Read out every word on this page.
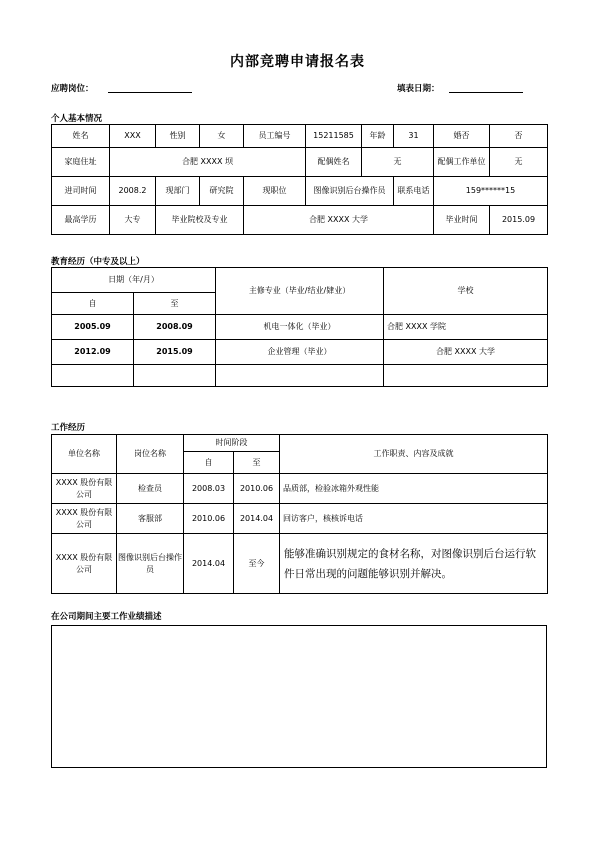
内部竞聘申请报名表
应聘岗位：	填表日期：
个人基本情况
姓名	XXX	性别	女	员工编号	15211585	年龄	31	婚否	否
家庭住址	合肥 XXXX 坝				配偶姓名	无		配偶工作单位	无
进司时间	2008.2	现部门	研究院	现职位	图像识别后台操作员		联系电话	159******15	
最高学历	大专	毕业院校及专业		合肥 XXXX 大学				毕业时间	2015.09
教育经历（中专及以上）
日期（年/月）		主修专业（毕业/结业/肄业）	学校
自	至		
2005.09	2008.09	机电一体化（毕业）	合肥 XXXX 学院
2012.09	2015.09	企业管理（毕业）	合肥 XXXX 大学

工作经历
单位名称	岗位名称	时间阶段		工作职责、内容及成就
		自	至	
XXXX 股份有限公司	检查员	2008.03	2010.06	品质部，检验冰箱外观性能
XXXX 股份有限公司	客服部	2010.06	2014.04	回访客户，核核诉电话
XXXX 股份有限公司	图像识别后台操作员	2014.04	至今	能够准确识别规定的食材名称，对图像识别后台运行软件日常出现的问题能够识别并解决。
在公司期间主要工作业绩描述
